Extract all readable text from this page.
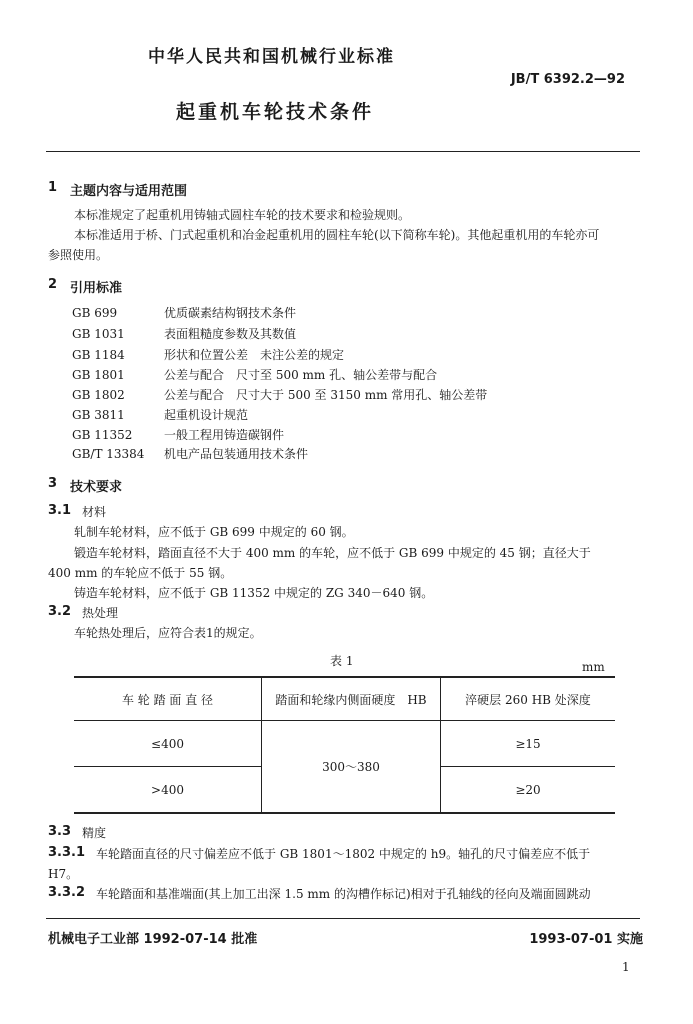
中华人民共和国机械行业标准
JB/T 6392.2—92
起重机车轮技术条件
1 主题内容与适用范围
本标准规定了起重机用铸轴式圆柱车轮的技术要求和检验规则。
本标准适用于桥、门式起重机和冶金起重机用的圆柱车轮(以下简称车轮)。其他起重机用的车轮亦可
参照使用。
2 引用标准
GB 699	优质碳素结构钢技术条件
GB 1031	表面粗糙度参数及其数值
GB 1184	形状和位置公差　未注公差的规定
GB 1801	公差与配合　尺寸至 500 mm 孔、轴公差带与配合
GB 1802	公差与配合　尺寸大于 500 至 3150 mm 常用孔、轴公差带
GB 3811	起重机设计规范
GB 11352	一般工程用铸造碳钢件
GB/T 13384 机电产品包装通用技术条件
3 技术要求
3.1 材料
轧制车轮材料，应不低于 GB 699 中规定的 60 钢。
锻造车轮材料，踏面直径不大于 400 mm 的车轮，应不低于 GB 699 中规定的 45 钢；直径大于
400 mm 的车轮应不低于 55 钢。
铸造车轮材料，应不低于 GB 11352 中规定的 ZG 340－640 钢。
3.2 热处理
车轮热处理后，应符合表1的规定。
表 1	mm
车 轮 踏 面 直 径	踏面和轮缘内侧面硬度　HB	淬硬层 260 HB 处深度
≤400	300～380	≥15
>400		≥20
3.3 精度
3.3.1 车轮踏面直径的尺寸偏差应不低于 GB 1801～1802 中规定的 h9。轴孔的尺寸偏差应不低于
H7。
3.3.2 车轮踏面和基准端面(其上加工出深 1.5 mm 的沟槽作标记)相对于孔轴线的径向及端面圆跳动
机械电子工业部 1992-07-14 批准	1993-07-01 实施
1
